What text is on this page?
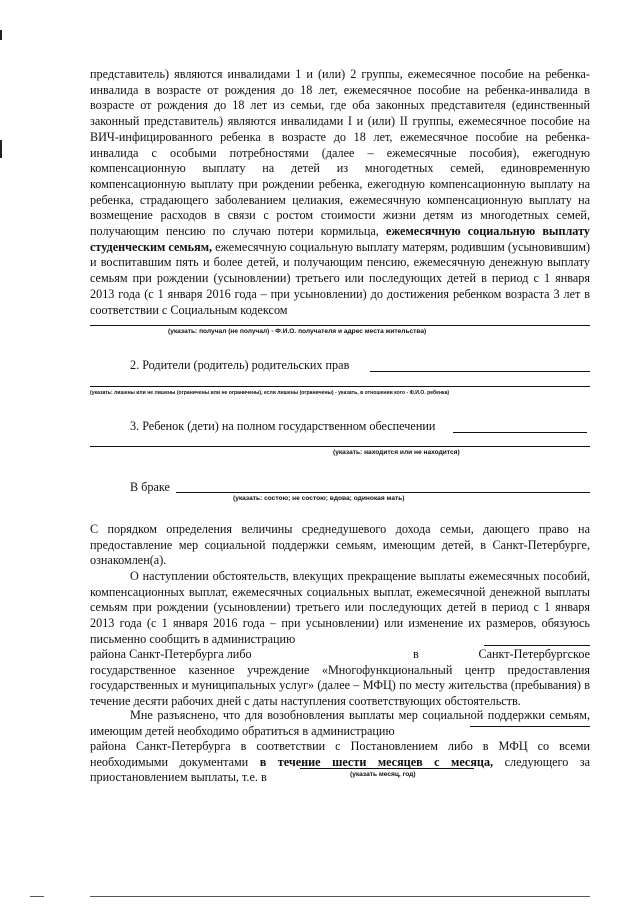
представитель) являются инвалидами 1 и (или) 2 группы, ежемесячное пособие на ребенка-инвалида в возрасте от рождения до 18 лет, ежемесячное пособие на ребенка-инвалида в возрасте от рождения до 18 лет из семьи, где оба законных представителя (единственный законный представитель) являются инвалидами I и (или) II группы, ежемесячное пособие на ВИЧ-инфицированного ребенка в возрасте до 18 лет, ежемесячное пособие на ребенка-инвалида с особыми потребностями (далее – ежемесячные пособия), ежегодную компенсационную выплату на детей из многодетных семей, единовременную компенсационную выплату при рождении ребенка, ежегодную компенсационную выплату на ребенка, страдающего заболеванием целиакия, ежемесячную компенсационную выплату на возмещение расходов в связи с ростом стоимости жизни детям из многодетных семей, получающим пенсию по случаю потери кормильца, ежемесячную социальную выплату студенческим семьям, ежемесячную социальную выплату матерям, родившим (усыновившим) и воспитавшим пять и более детей, и получающим пенсию, ежемесячную денежную выплату семьям при рождении (усыновлении) третьего или последующих детей в период с 1 января 2013 года (с 1 января 2016 года – при усыновлении) до достижения ребенком возраста 3 лет в соответствии с Социальным кодексом
(указать: получал (не получал) - Ф.И.О. получателя и адрес места жительства)
2. Родители (родитель) родительских прав
(указать: лишены или не лишены (ограничены или не ограничены), если лишены (ограничены) - указать, в отношении кого - Ф.И.О. ребенка)
3. Ребенок (дети) на полном государственном обеспечении
(указать: находится или не находится)
В браке
(указать: состою; не состою; вдова; одинокая мать)
С порядком определения величины среднедушевого дохода семьи, дающего право на предоставление мер социальной поддержки семьям, имеющим детей, в Санкт-Петербурге, ознакомлен(а).
О наступлении обстоятельств, влекущих прекращение выплаты ежемесячных пособий, компенсационных выплат, ежемесячных социальных выплат, ежемесячной денежной выплаты семьям при рождении (усыновлении) третьего или последующих детей в период с 1 января 2013 года (с 1 января 2016 года – при усыновлении) или изменение их размеров, обязуюсь письменно сообщить в администрацию
района Санкт-Петербурга либо	в Санкт-Петербургское государственное казенное учреждение «Многофункциональный центр предоставления государственных и муниципальных услуг» (далее – МФЦ) по месту жительства (пребывания) в течение десяти рабочих дней с даты наступления соответствующих обстоятельств.
Мне разъяснено, что для возобновления выплаты мер социальной поддержки семьям, имеющим детей необходимо обратиться в администрацию
района Санкт-Петербурга в соответствии с Постановлением либо в МФЦ со всеми необходимыми документами в течение шести месяцев с месяца, следующего за приостановлением выплаты, т.е. в	(указать месяц, год)
